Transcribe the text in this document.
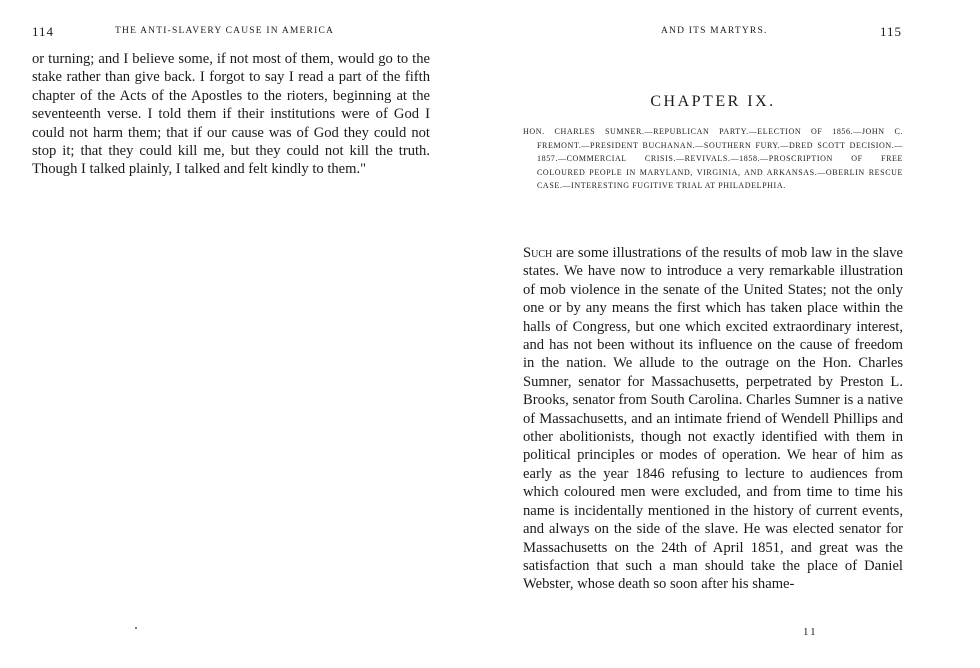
114	THE ANTI-SLAVERY CAUSE IN AMERICA
or turning; and I believe some, if not most of them, would go to the stake rather than give back. I forgot to say I read a part of the fifth chapter of the Acts of the Apostles to the rioters, beginning at the seventeenth verse. I told them if their institutions were of God I could not harm them; that if our cause was of God they could not stop it; that they could kill me, but they could not kill the truth. Though I talked plainly, I talked and felt kindly to them."
AND ITS MARTYRS.	115
CHAPTER IX.
HON. CHARLES SUMNER.—REPUBLICAN PARTY.—ELECTION OF 1856.—JOHN C. FREMONT.—PRESIDENT BUCHANAN.—SOUTHERN FURY.—DRED SCOTT DECISION.—1857.—COMMERCIAL CRISIS.—REVIVALS.—1858.—PROSCRIPTION OF FREE COLOURED PEOPLE IN MARYLAND, VIRGINIA, AND ARKANSAS.—OBERLIN RESCUE CASE.—INTERESTING FUGITIVE TRIAL AT PHILADELPHIA.
Such are some illustrations of the results of mob law in the slave states. We have now to introduce a very remarkable illustration of mob violence in the senate of the United States; not the only one or by any means the first which has taken place within the halls of Congress, but one which excited extraordinary interest, and has not been without its influence on the cause of freedom in the nation. We allude to the outrage on the Hon. Charles Sumner, senator for Massachusetts, perpetrated by Preston L. Brooks, senator from South Carolina. Charles Sumner is a native of Massachusetts, and an intimate friend of Wendell Phillips and other abolitionists, though not exactly identified with them in political principles or modes of operation. We hear of him as early as the year 1846 refusing to lecture to audiences from which coloured men were excluded, and from time to time his name is incidentally mentioned in the history of current events, and always on the side of the slave. He was elected senator for Massachusetts on the 24th of April 1851, and great was the satisfaction that such a man should take the place of Daniel Webster, whose death so soon after his shame-
11
